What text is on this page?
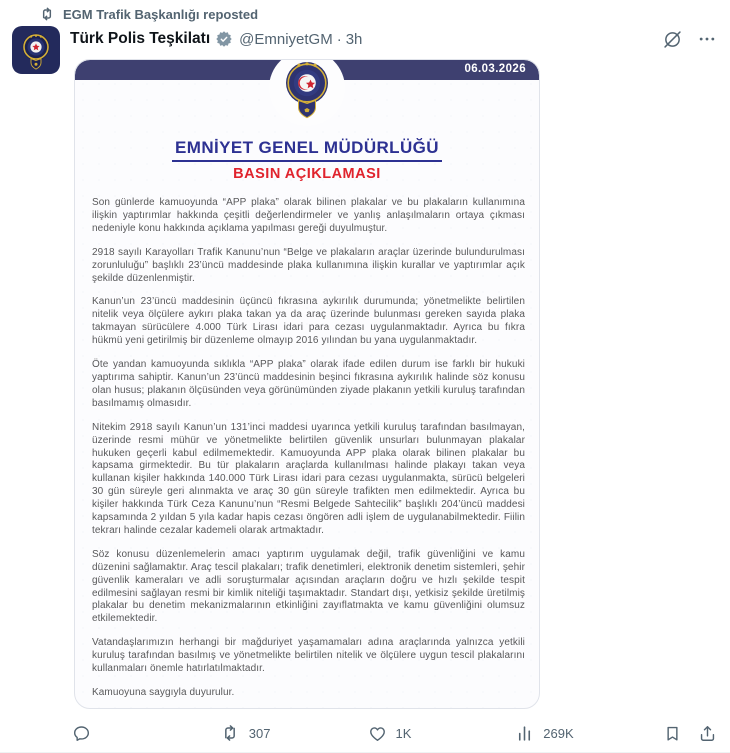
EGM Trafik Başkanlığı reposted
Türk Polis Teşkilatı @EmniyetGM · 3h
06.03.2026
EMNİYET GENEL MÜDÜRLÜĞÜ
BASIN AÇIKLAMASI

Son günlerde kamuoyunda “APP plaka” olarak bilinen plakalar ve bu plakaların kullanımına ilişkin yaptırımlar hakkında çeşitli değerlendirmeler ve yanlış anlaşılmaların ortaya çıkması nedeniyle konu hakkında açıklama yapılması gereği duyulmuştur.

2918 sayılı Karayolları Trafik Kanunu’nun “Belge ve plakaların araçlar üzerinde bulundurulması zorunluluğu” başlıklı 23’üncü maddesinde plaka kullanımına ilişkin kurallar ve yaptırımlar açık şekilde düzenlenmiştir.

Kanun’un 23’üncü maddesinin üçüncü fıkrasına aykırılık durumunda; yönetmelikte belirtilen nitelik veya ölçülere aykırı plaka takan ya da araç üzerinde bulunması gereken sayıda plaka takmayan sürücülere 4.000 Türk Lirası idari para cezası uygulanmaktadır. Ayrıca bu fıkra hükmü yeni getirilmiş bir düzenleme olmayıp 2016 yılından bu yana uygulanmaktadır.

Öte yandan kamuoyunda sıklıkla “APP plaka” olarak ifade edilen durum ise farklı bir hukuki yaptırıma sahiptir. Kanun’un 23’üncü maddesinin beşinci fıkrasına aykırılık halinde söz konusu olan husus; plakanın ölçüsünden veya görünümünden ziyade plakanın yetkili kuruluş tarafından basılmamış olmasıdır.

Nitekim 2918 sayılı Kanun’un 131’inci maddesi uyarınca yetkili kuruluş tarafından basılmayan, üzerinde resmi mühür ve yönetmelikte belirtilen güvenlik unsurları bulunmayan plakalar hukuken geçerli kabul edilmemektedir. Kamuoyunda APP plaka olarak bilinen plakalar bu kapsama girmektedir. Bu tür plakaların araçlarda kullanılması halinde plakayı takan veya kullanan kişiler hakkında 140.000 Türk Lirası idari para cezası uygulanmakta, sürücü belgeleri 30 gün süreyle geri alınmakta ve araç 30 gün süreyle trafikten men edilmektedir. Ayrıca bu kişiler hakkında Türk Ceza Kanunu’nun “Resmi Belgede Sahtecilik” başlıklı 204’üncü maddesi kapsamında 2 yıldan 5 yıla kadar hapis cezası öngören adli işlem de uygulanabilmektedir. Fiilin tekrarı halinde cezalar kademeli olarak artmaktadır.

Söz konusu düzenlemelerin amacı yaptırım uygulamak değil, trafik güvenliğini ve kamu düzenini sağlamaktır. Araç tescil plakaları; trafik denetimleri, elektronik denetim sistemleri, şehir güvenlik kameraları ve adli soruşturmalar açısından araçların doğru ve hızlı şekilde tespit edilmesini sağlayan resmi bir kimlik niteliği taşımaktadır. Standart dışı, yetkisiz şekilde üretilmiş plakalar bu denetim mekanizmalarının etkinliğini zayıflatmakta ve kamu güvenliğini olumsuz etkilemektedir.

Vatandaşlarımızın herhangi bir mağduriyet yaşamamaları adına araçlarında yalnızca yetkili kuruluş tarafından basılmış ve yönetmelikte belirtilen nitelik ve ölçülere uygun tescil plakalarını kullanmaları önemle hatırlatılmaktadır.

Kamuoyuna saygıyla duyurulur.

307	1K	269K
